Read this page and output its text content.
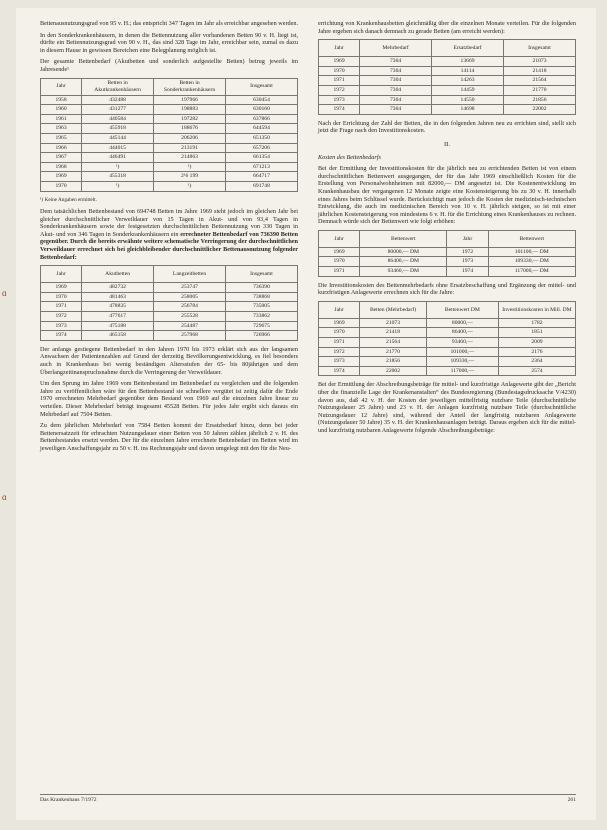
ɑ
ɑ

Bettenausnutzungsgrad von 95 v. H.; das entspricht 347 Tagen im Jahr als erreichbar angesehen werden.

In den Sonderkrankenhäusern, in denen die Bettennutzung aller vorhandenen Betten 90 v. H. liegt ist, dürfte ein Bettennutzungsgrad von 90 v. H., das sind 328 Tage im Jahr, erreichbar sein, zumal es dazu in diesem Hause in gewissen Bereichen eine Belegplanung möglich ist.

Der gesamte Bettenbedarf (Akutbetten und sonderlich aufgestellte Betten) betrug jeweils im Jahresende¹

Jahr	Betten in Akutkrankenhäusern	Betten in Sonderkrankenhäusern	Insgesamt
1958	432488	197966	630454
1960	431277	198883	630160
1961	440584	197282	637866
1963	455918	188676	644594
1965	445144	206206	651350
1966	444015	213191	657206
1967	446491	214863	661354
1968	¹)	¹)	671213
1969	455318	2¹6 199	664717
1970	¹)	¹)	691748

¹) Keine Angaben ermittelt.

Dem tatsächlichen Bettenbestand von 694748 Betten im Jahre 1969 steht jedoch im gleichen Jahr bei gleicher durchschnittlicher Verweildauer von 15 Tagen in Akut- und von 93,4 Tagen in Sonderkrankenhäusern sowie der festgesetzten durchschnittlichen Bettennutzung von 330 Tagen in Akut- und von 346 Tagen in Sonderkrankenhäusern ein errechneter Bettenbedarf von 736390 Betten gegenüber. Durch die bereits erwähnte weitere schematische Verringerung der durchschnittlichen Verweildauer errechnet sich bei gleichbleibender durchschnittlicher Bettenausnutzung folgender Bettenbedarf:

Jahr	Akutbetten	Langzeitbetten	Insgesamt
1969	482732	253747	736390
1970	481463	258005	738868
1971	478835	256784	735005
1972	477617	255528	733862
1973	475188	254487	729675
1974	465158	257968	726966

Der anfangs gestiegene Bettenbedarf in den Jahren 1970 bis 1973 erklärt sich aus der langsamen Anwachsen der Patientenzahlen auf Grund der derzeitig Bevölkerungsentwicklung, es fiel besonders auch in Krankenhaus bei wenig beständigen Altersstufen der 65- bis 80jährigen und dem Überlangzeitinanspruchsnahme durch die Verringerung der Verweildauer.

Um den Sprung im Jahre 1969 vom Bettenbestand im Bettenbedarf zu vergleichen und die folgenden Jahre zu veröffentlichen wäre für den Bettenbestand sie schnellere vergütet ist zeitig dafür die Ende 1970 errechneten Mehrbedarf gegenüber dem Bestand von 1969 auf die einzelnen Jahre linear zu verteilen. Dieser Mehrbedarf beträgt insgesamt 45528 Betten. Für jedes Jahr ergibt sich daraus ein Mehrbedarf auf 7504 Betten.

Zu dem jährlichen Mehrbedarf von 7584 Betten kommt der Ersatzbedarf hinzu, denn bei jeder Bettenersatzzeit für erbrachten Nutzungsdauer einer Betten von 50 Jahren zählen jährlich 2 v. H. des Bettenbestandes ersetzt werden. Der für die einzelnen Jahre errechnete Bettenbedarf im Betten wird im jeweiligen Anschaffungsjahr zu 50 v. H. ins Rechnungsjahr und davon umgelegt mit den für die Neu-

errichtung von Krankenhausbetten gleichmäßig über die einzelnen Monate verteilen. Für die folgenden Jahre ergeben sich danach demnach zu gerade Betten (am erreicht werden):

Jahr	Mehrbedarf	Ersatzbedarf	Insgesamt
1969	7304	13669	21073
1970	7304	14114	21418
1971	7304	14263	21564
1972	7304	14459	21770
1973	7304	14550	21856
1974	7304	14698	22002

Nach der Errichtung der Zahl der Betten, die in den folgenden Jahren neu zu errichten sind, stellt sich jetzt die Frage nach den Investitionskosten.

II.

Kosten des Bettenbedarfs

Bei der Ermittlung der Investitionskosten für die jährlich neu zu errichtenden Betten ist von einem durchschnittlichen Bettenwert ausgegangen, der für das Jahr 1969 einschließlich Kosten für die Erstellung von Personalwohnheimen mit 82000,— DM angesetzt ist. Die Kostenentwicklung im Krankenhausbau der vergangenen 12 Monate zeigte eine Kostensteigerung bis zu 30 v. H. innerhalb eines Jahres beim Schlüssel wurde. Berücksichtigt man jedoch die Kosten der medizinisch-technischen Entwicklung, die auch im medizinischen Bereich von 10 v. H. jährlich steigen, so ist mit einer jährlichen Kostensteigerung von mindestens 6 v. H. für die Errichtung eines Krankenhauses zu rechnen. Demnach würde sich der Bettenwert wie folgt erhöhen:

Jahr	Bettenwert	Jahr	Bettenwert
1969	80000,— DM	1972	101100,— DM
1970	86400,— DM	1973	109330,— DM
1971	93460,— DM	1974	117000,— DM

Die Investitionskosten des Bettenmehrbedarfs ohne Ersatzbeschaffung und Ergänzung der mittel- und kurzfristigen Anlagewerte errechnen sich für die Jahre:

Jahr	Betten (Mehrbedarf)	Bettenwert DM	Investitionskosten in Mill. DM
1969	21073	80000,—	1782
1970	21418	86400,—	1851
1971	21564	93460,—	2009
1972	21770	101000,—	2176
1973	21856	109330,—	2364
1974	22002	117000,—	2574

Bei der Ermittlung der Abschreibungsbeträge für mittel- und kurzfristige Anlagewerte gibt der „Bericht über die finanzielle Lage der Krankenanstalten“ des Bundesregierung (Bundestagsdrucksache V/4230) davon aus, daß 42 v. H. der Kosten der jeweiligen mittelfristig nutzbare Teile (durchschnittliche Nutzungsdauer 25 Jahre) und 23 v. H. der Anlagen kurzfristig nutzbare Teile (durchschnittliche Nutzungsdauer 12 Jahre) sind, während der Anteil der langfristig nutzbaren Anlagewerte (Nutzungsdauer 50 Jahre) 35 v. H. der Krankenhausanlagen beträgt. Daraus ergeben sich für die mittel- und kurzfristig nutzbaren Anlagewerte folgende Abschreibungsbeträge:

Das Krankenhaus 7/1972	261
